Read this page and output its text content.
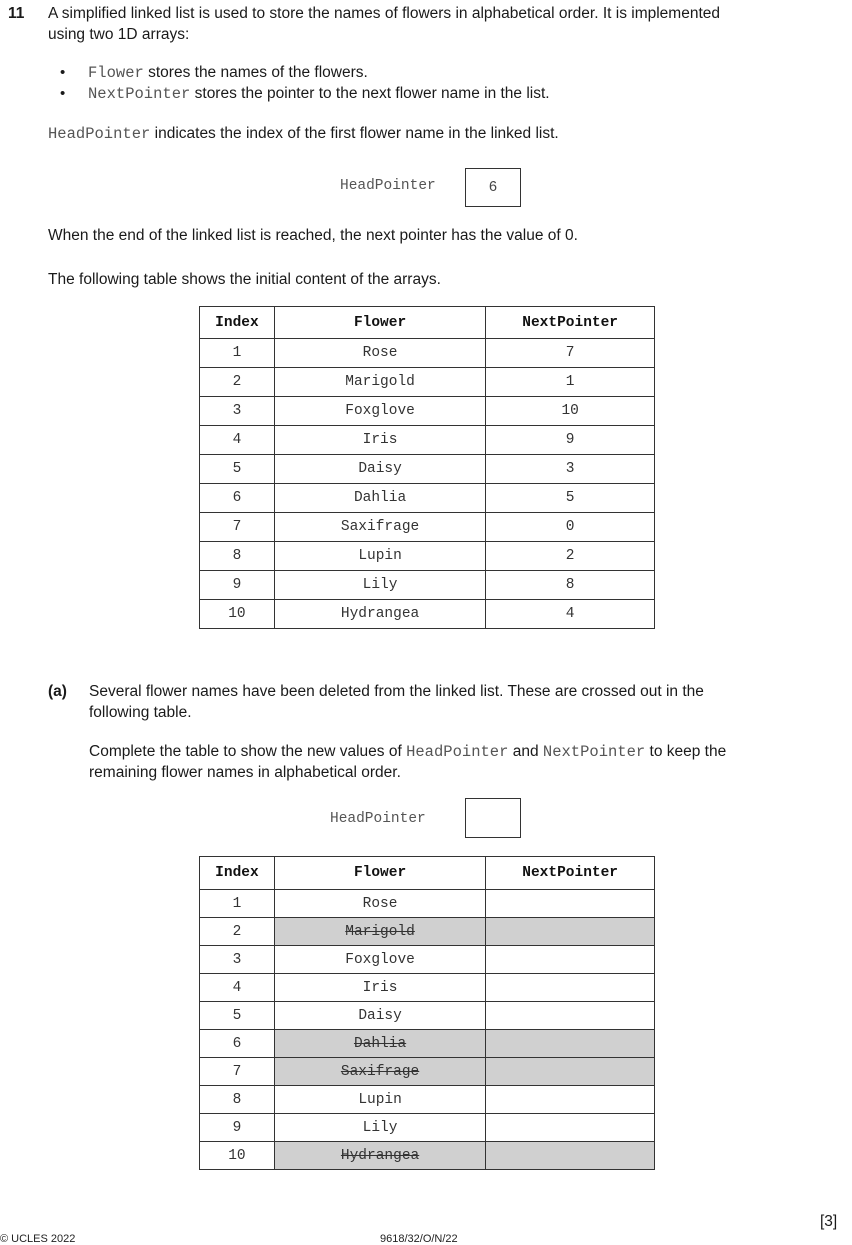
11 A simplified linked list is used to store the names of flowers in alphabetical order. It is implemented
using two 1D arrays:
• Flower stores the names of the flowers.
• NextPointer stores the pointer to the next flower name in the list.
HeadPointer indicates the index of the first flower name in the linked list.
HeadPointer	6
When the end of the linked list is reached, the next pointer has the value of 0.
The following table shows the initial content of the arrays.
Index	Flower	NextPointer
1	Rose	7
2	Marigold	1
3	Foxglove	10
4	Iris	9
5	Daisy	3
6	Dahlia	5
7	Saxifrage	0
8	Lupin	2
9	Lily	8
10	Hydrangea	4
(a) Several flower names have been deleted from the linked list. These are crossed out in the
following table.
Complete the table to show the new values of HeadPointer and NextPointer to keep the
remaining flower names in alphabetical order.
HeadPointer
Index	Flower	NextPointer
1	Rose	
2	Marigold	
3	Foxglove	
4	Iris	
5	Daisy	
6	Dahlia	
7	Saxifrage	
8	Lupin	
9	Lily	
10	Hydrangea	
[3]
© UCLES 2022	9618/32/O/N/22
